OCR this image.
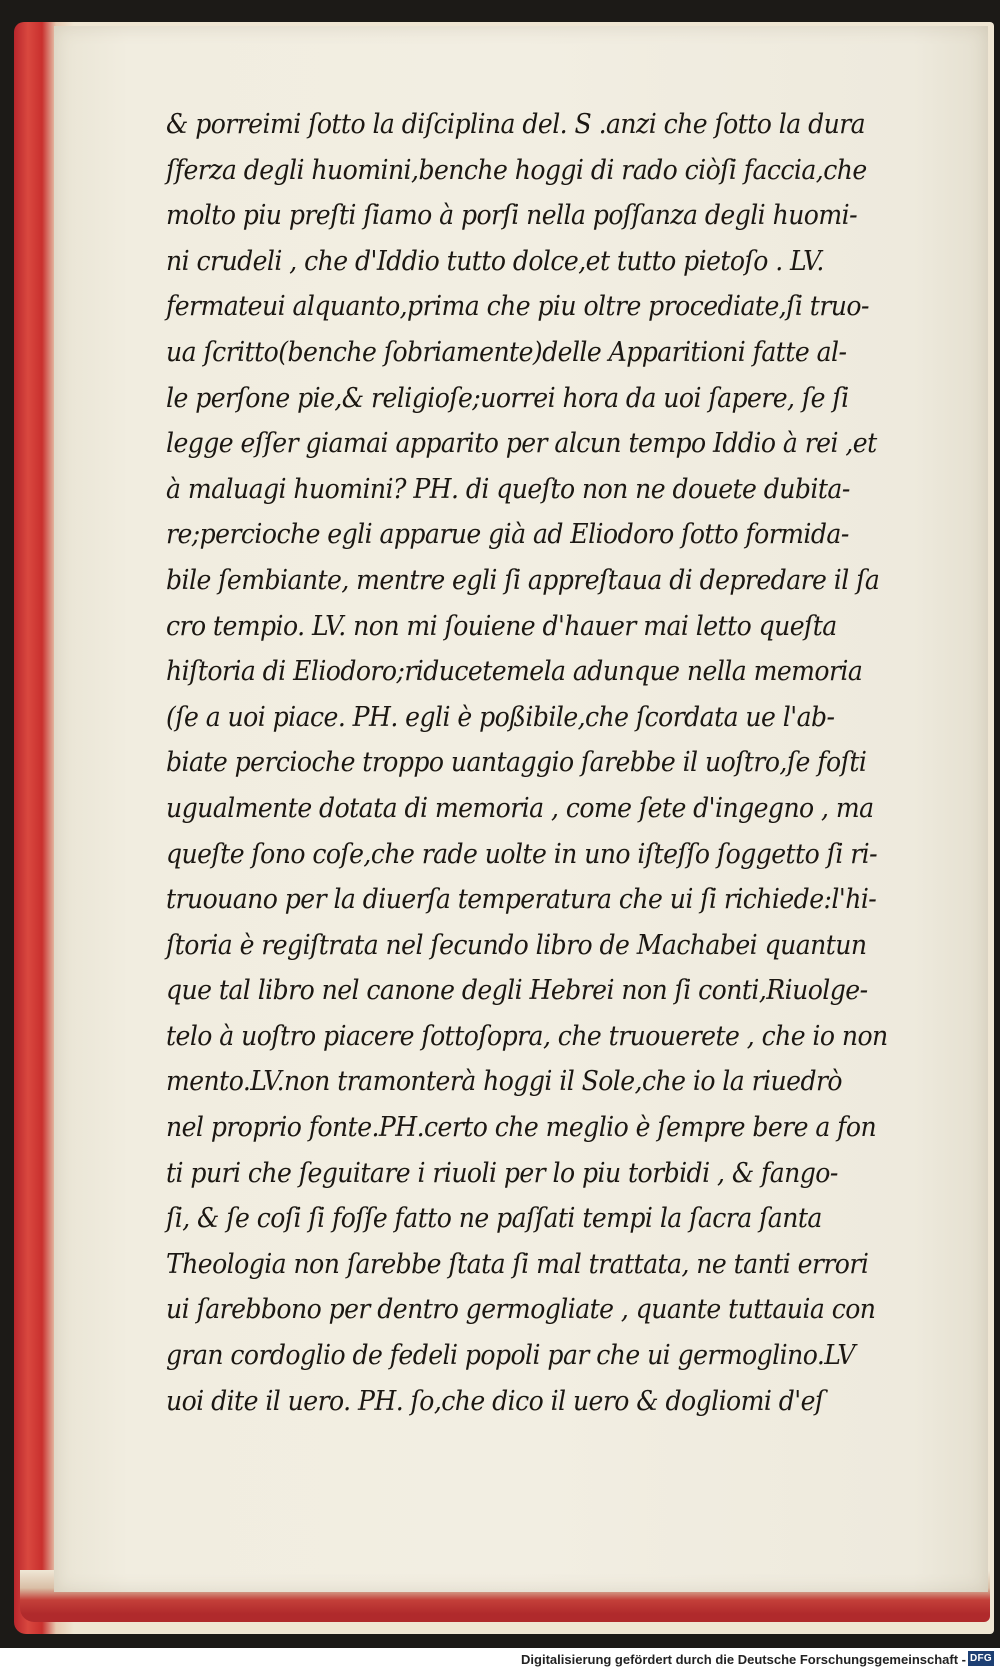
& porreimi ſotto la diſciplina del. S .anzi che ſotto la dura
ſferza degli huomini,benche hoggi di rado ciòſi faccia,che
molto piu preſti ſiamo à porſi nella poſſanza degli huomi-
ni crudeli , che d'Iddio tutto dolce,et tutto pietoſo . LV.
fermateui alquanto,prima che piu oltre procediate,ſi truo-
ua ſcritto(benche ſobriamente)delle Apparitioni fatte al-
le perſone pie,& religioſe;uorrei hora da uoi ſapere, ſe ſi
legge eſſer giamai apparito per alcun tempo Iddio à rei ,et
à maluagi huomini? PH. di queſto non ne douete dubita-
re;percioche egli apparue già ad Eliodoro ſotto formida-
bile ſembiante, mentre egli ſi appreſtaua di depredare il ſa
cro tempio. LV. non mi ſouiene d'hauer mai letto queſta
hiſtoria di Eliodoro;riducetemela adunque nella memoria
(ſe a uoi piace. PH. egli è poßibile,che ſcordata ue l'ab-
biate percioche troppo uantaggio ſarebbe il uoſtro,ſe foſti
ugualmente dotata di memoria , come ſete d'ingegno , ma
queſte ſono coſe,che rade uolte in uno iſteſſo ſoggetto ſi ri-
truouano per la diuerſa temperatura che ui ſi richiede:l'hi-
ſtoria è regiſtrata nel ſecundo libro de Machabei quantun
que tal libro nel canone degli Hebrei non ſi conti,Riuolge-
telo à uoſtro piacere ſottoſopra, che truouerete , che io non
mento.LV.non tramonterà hoggi il Sole,che io la riuedrò
nel proprio fonte.PH.certo che meglio è ſempre bere a fon
ti puri che ſeguitare i riuoli per lo piu torbidi , & fango-
ſi, & ſe coſi ſi foſſe fatto ne paſſati tempi la ſacra ſanta
Theologia non ſarebbe ſtata ſi mal trattata, ne tanti errori
ui ſarebbono per dentro germogliate , quante tuttauia con
gran cordoglio de fedeli popoli par che ui germoglino.LV
uoi dite il uero. PH. ſo,che dico il uero & dogliomi d'eſ
Digitalisierung gefördert durch die Deutsche Forschungsgemeinschaft - DFG
